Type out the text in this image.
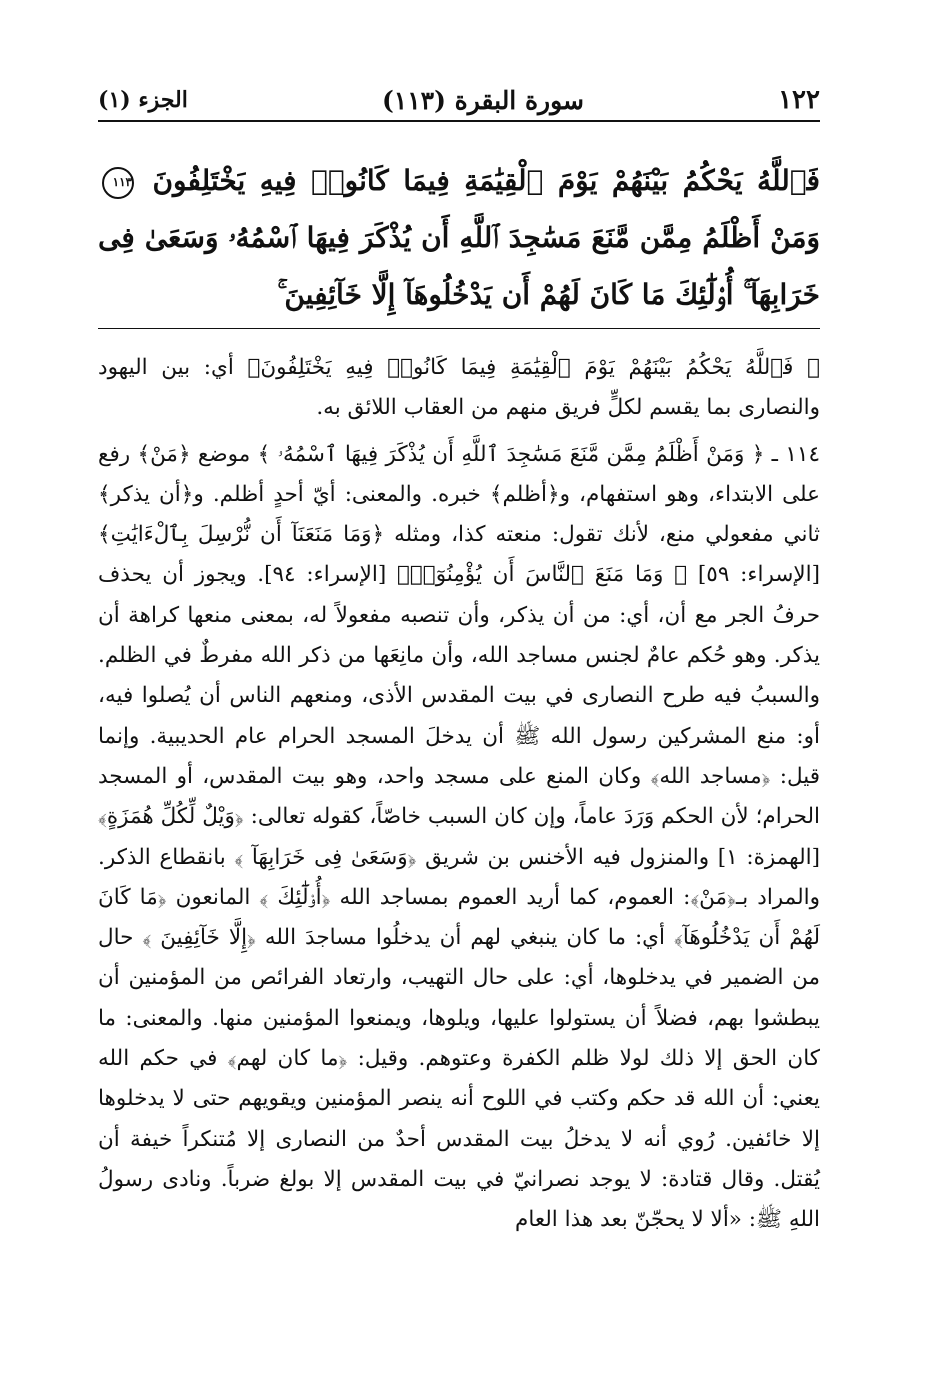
١٢٢
سورة البقرة (١١٣)
الجزء (١)
فَٱللَّهُ يَحْكُمُ بَيْنَهُمْ يَوْمَ ٱلْقِيَٰمَةِ فِيمَا كَانُوا۟ فِيهِ يَخْتَلِفُونَ ١١٣ وَمَنْ أَظْلَمُ مِمَّن مَّنَعَ مَسَٰجِدَ ٱللَّهِ أَن يُذْكَرَ فِيهَا ٱسْمُهُۥ وَسَعَىٰ فِى خَرَابِهَآ ۚ أُو۟لَٰٓئِكَ مَا كَانَ لَهُمْ أَن يَدْخُلُوهَآ إِلَّا خَآئِفِينَ ۚ

﴿ فَٱللَّهُ يَحْكُمُ بَيْنَهُمْ يَوْمَ ٱلْقِيَٰمَةِ فِيمَا كَانُوا۟ فِيهِ يَخْتَلِفُونَ﴾ أي: بين اليهود والنصارى بما يقسم لكلٍّ فريق منهم من العقاب اللائق به.

١١٤ ـ ﴿ وَمَنْ أَظْلَمُ مِمَّن مَّنَعَ مَسَٰجِدَ ٱللَّهِ أَن يُذْكَرَ فِيهَا ٱسْمُهُۥ ﴾ موضع ﴿مَنْ﴾ رفع على الابتداء، وهو استفهام، و﴿أظلم﴾ خبره. والمعنى: أيّ أحدٍ أظلم. و﴿أن يذكر﴾ ثاني مفعولي منع، لأنك تقول: منعته كذا، ومثله ﴿وَمَا مَنَعَنَآ أَن نُّرْسِلَ بِٱلْءَايَٰتِ﴾ [الإسراء: ٥٩] ﴿ وَمَا مَنَعَ ٱلنَّاسَ أَن يُؤْمِنُوٓا۟﴾ [الإسراء: ٩٤]. ويجوز أن يحذف حرفُ الجر مع أن، أي: من أن يذكر، وأن تنصبه مفعولاً له، بمعنى منعها كراهة أن يذكر. وهو حُكم عامٌ لجنس مساجد الله، وأن مانِعَها من ذكر الله مفرطٌ في الظلم. والسببُ فيه طرح النصارى في بيت المقدس الأذى، ومنعهم الناس أن يُصلوا فيه، أو: منع المشركين رسول الله ﷺ أن يدخلَ المسجد الحرام عام الحديبية. وإنما قيل: ﴿مساجد الله﴾ وكان المنع على مسجد واحد، وهو بيت المقدس، أو المسجد الحرام؛ لأن الحكم وَرَدَ عاماً، وإن كان السبب خاصّاً، كقوله تعالى: ﴿وَيْلٌ لِّكُلِّ هُمَزَةٍ﴾ [الهمزة: ١] والمنزول فيه الأخنس بن شريق ﴿وَسَعَىٰ فِى خَرَابِهَآ ﴾ بانقطاع الذكر. والمراد بـ﴿مَنْ﴾: العموم، كما أريد العموم بمساجد الله ﴿أُو۟لَٰٓئِكَ ﴾ المانعون ﴿مَا كَانَ لَهُمْ أَن يَدْخُلُوهَآ﴾ أي: ما كان ينبغي لهم أن يدخلُوا مساجدَ الله ﴿إِلَّا خَآئِفِينَ ﴾ حال من الضمير في يدخلوها، أي: على حال التهيب، وارتعاد الفرائص من المؤمنين أن يبطشوا بهم، فضلاً أن يستولوا عليها، ويلوها، ويمنعوا المؤمنين منها. والمعنى: ما كان الحق إلا ذلك لولا ظلم الكفرة وعتوهم. وقيل: ﴿ما كان لهم﴾ في حكم الله يعني: أن الله قد حكم وكتب في اللوح أنه ينصر المؤمنين ويقويهم حتى لا يدخلوها إلا خائفين. رُوي أنه لا يدخلُ بيت المقدس أحدٌ من النصارى إلا مُتنكراً خيفة أن يُقتل. وقال قتادة: لا يوجد نصرانيّ في بيت المقدس إلا بولغ ضرباً. ونادى رسولُ اللهِ ﷺ: «ألا لا يحجّنّ بعد هذا العام
